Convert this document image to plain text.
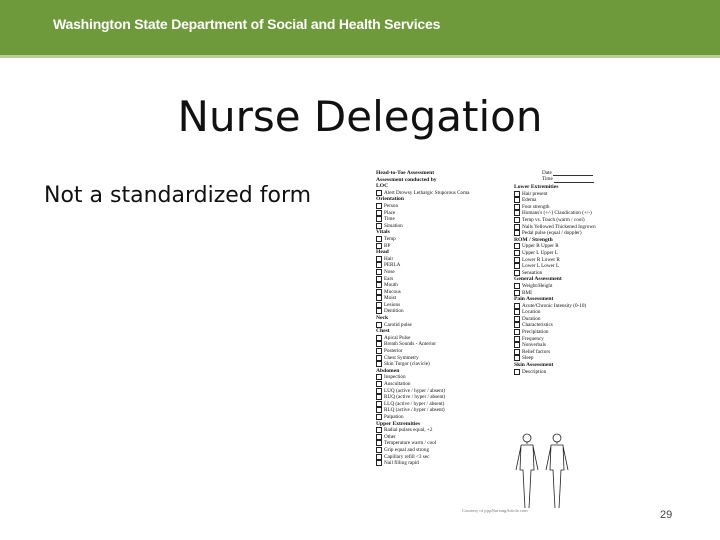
Washington State Department of Social and Health Services
Nurse Delegation
Not a standardized form
Head-to-Toe Assessment
Assessment conducted by
LOC
Alert Drowsy Lethargic Stuporous Coma
Orientation
Person
Place
Time
Situation
Vitals
Temp
BP
Head
Hair
PERLA
Nose
Ears
Mouth
Mucous
Moist
Lesions
Dentition
Neck
Carotid pulse
Chest
Apical Pulse
Breath Sounds - Anterior
Posterior
Chest Symmetry
Skin Turgor (clavicle)
Abdomen
Inspection
Auscultation
LUQ (active / hyper / absent)
RUQ (active / hyper / absent)
LLQ (active / hyper / absent)
RLQ (active / hyper / absent)
Palpation
Upper Extremities
Radial pulses equal, +2
Other
Temperature warm / cool
Grip equal and strong
Capillary refill <3 sec
Nail filling rapid
Date
Time
Lower Extremities
Hair present
Edema
Foot strength
Homans's (+/-) Claudication (+/-)
Temp vs. Touch (warm / cool)
Nails Yellowed Thickened Ingrown
Pedal pulse (equal / doppler)
ROM / Strength
Upper R Upper R
Upper L Upper L
Lower R Lower R
Lower L Lower L
Sensation
General Assessment
Weight/Height
BMI
Pain Assessment
Acute/Chronic Intensity (0-10)
Location
Duration
Characteristics
Precipitation
Frequency
Nonverbals
Relief factors
Sleep
Skin Assessment
Description
Courtesy of jqqsNursingArticle.com	29
